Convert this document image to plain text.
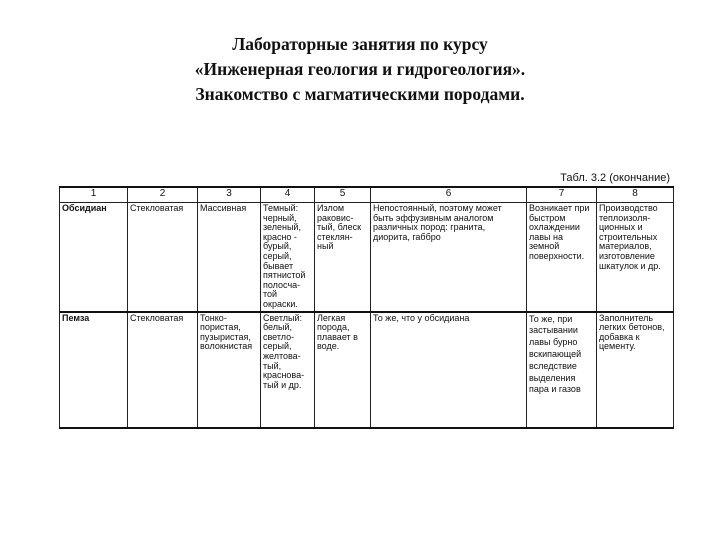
Лабораторные занятия по курсу
«Инженерная геология и гидрогеология».
Знакомство с магматическими породами.
Табл. 3.2 (окончание)
1	2	3	4	5	6	7	8
Обсидиан	Стекловатая	Массивная	Темный: черный, зеленый, красно - бурый, серый, бывает пятнистой полосча-той окраски.	Излом раковис-тый, блеск стеклян-ный	Непостоянный, поэтому может быть эффузивным аналогом различных пород: гранита, диорита, габбро	Возникает при быстром охлаждении лавы на земной поверхности.	Производство теплоизоля-ционных и строительных материалов, изготовление шкатулок и др.
Пемза	Стекловатая	Тонко-пористая, пузыристая, волокнистая	Светлый: белый, светло-серый, желтова-тый, краснова-тый и др.	Легкая порода, плавает в воде.	То же, что у обсидиана	То же, при застывании лавы бурно вскипающей вследствие выделения пара и газов	Заполнитель легких бетонов, добавка к цементу.
